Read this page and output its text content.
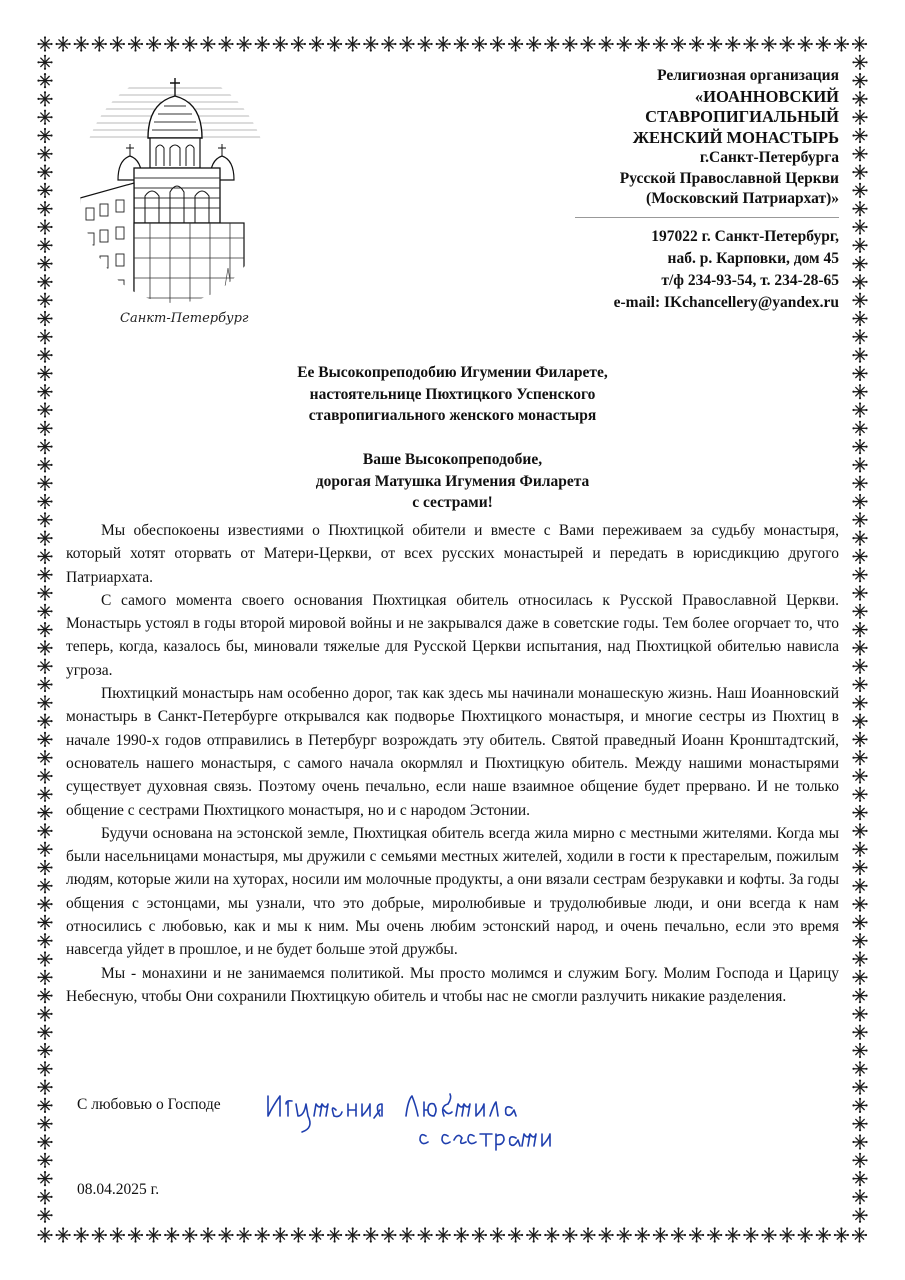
Санкт-Петербург
Религиозная организация
«ИОАННОВСКИЙ
СТАВРОПИГИАЛЬНЫЙ
ЖЕНСКИЙ МОНАСТЫРЬ
г.Санкт-Петербурга
Русской Православной Церкви
(Московский Патриархат)»
197022 г. Санкт-Петербург,
наб. р. Карповки, дом 45
т/ф 234-93-54, т. 234-28-65
e-mail: IKchancellery@yandex.ru
Ее Высокопреподобию Игумении Филарете,
настоятельнице Пюхтицкого Успенского
ставропигиального женского монастыря
Ваше Высокопреподобие,
дорогая Матушка Игумения Филарета
с сестрами!

Мы обеспокоены известиями о Пюхтицкой обители и вместе с Вами переживаем за судьбу монастыря, который хотят оторвать от Матери-Церкви, от всех русских монастырей и передать в юрисдикцию другого Патриархата.

С самого момента своего основания Пюхтицкая обитель относилась к Русской Православной Церкви. Монастырь устоял в годы второй мировой войны и не закрывался даже в советские годы. Тем более огорчает то, что теперь, когда, казалось бы, миновали тяжелые для Русской Церкви испытания, над Пюхтицкой обителью нависла угроза.

Пюхтицкий монастырь нам особенно дорог, так как здесь мы начинали монашескую жизнь. Наш Иоанновский монастырь в Санкт-Петербурге открывался как подворье Пюхтицкого монастыря, и многие сестры из Пюхтиц в начале 1990-х годов отправились в Петербург возрождать эту обитель. Святой праведный Иоанн Кронштадтский, основатель нашего монастыря, с самого начала окормлял и Пюхтицкую обитель. Между нашими монастырями существует духовная связь. Поэтому очень печально, если наше взаимное общение будет прервано. И не только общение с сестрами Пюхтицкого монастыря, но и с народом Эстонии.

Будучи основана на эстонской земле, Пюхтицкая обитель всегда жила мирно с местными жителями. Когда мы были насельницами монастыря, мы дружили с семьями местных жителей, ходили в гости к престарелым, пожилым людям, которые жили на хуторах, носили им молочные продукты, а они вязали сестрам безрукавки и кофты. За годы общения с эстонцами, мы узнали, что это добрые, миролюбивые и трудолюбивые люди, и они всегда к нам относились с любовью, как и мы к ним. Мы очень любим эстонский народ, и очень печально, если это время навсегда уйдет в прошлое, и не будет больше этой дружбы.

Мы - монахини и не занимаемся политикой. Мы просто молимся и служим Богу. Молим Господа и Царицу Небесную, чтобы Они сохранили Пюхтицкую обитель и чтобы нас не смогли разлучить никакие разделения.

С любовью о Господе
08.04.2025 г.
